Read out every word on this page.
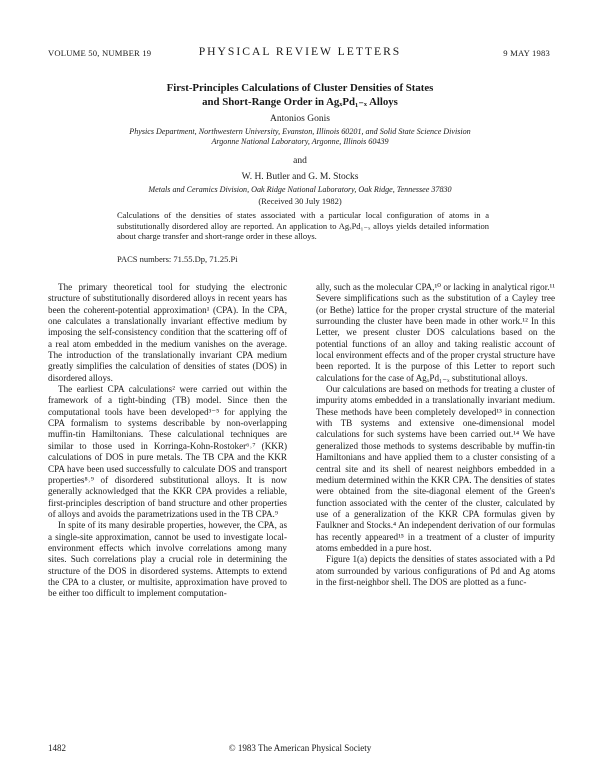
VOLUME 50, NUMBER 19	PHYSICAL REVIEW LETTERS	9 MAY 1983
First-Principles Calculations of Cluster Densities of States
and Short-Range Order in AgₓPd₁₋ₓ Alloys
Antonios Gonis
Physics Department, Northwestern University, Evanston, Illinois 60201, and Solid State Science Division
Argonne National Laboratory, Argonne, Illinois 60439
and
W. H. Butler and G. M. Stocks
Metals and Ceramics Division, Oak Ridge National Laboratory, Oak Ridge, Tennessee 37830
(Received 30 July 1982)
Calculations of the densities of states associated with a particular local configuration of atoms in a substitutionally disordered alloy are reported. An application to AgₓPd₁₋ₓ alloys yields detailed information about charge transfer and short-range order in these alloys.
PACS numbers: 71.55.Dp, 71.25.Pi

The primary theoretical tool for studying the electronic structure of substitutionally disordered alloys in recent years has been the coherent-potential approximation¹ (CPA). In the CPA, one calculates a translationally invariant effective medium by imposing the self-consistency condition that the scattering off of a real atom embedded in the medium vanishes on the average. The introduction of the translationally invariant CPA medium greatly simplifies the calculation of densities of states (DOS) in disordered alloys.

The earliest CPA calculations² were carried out within the framework of a tight-binding (TB) model. Since then the computational tools have been developed³⁻⁵ for applying the CPA formalism to systems describable by non-overlapping muffin-tin Hamiltonians. These calculational techniques are similar to those used in Korringa-Kohn-Rostoker⁶˒⁷ (KKR) calculations of DOS in pure metals. The TB CPA and the KKR CPA have been used successfully to calculate DOS and transport properties⁸˒⁹ of disordered substitutional alloys. It is now generally acknowledged that the KKR CPA provides a reliable, first-principles description of band structure and other properties of alloys and avoids the parametrizations used in the TB CPA.⁹

In spite of its many desirable properties, however, the CPA, as a single-site approximation, cannot be used to investigate local-environment effects which involve correlations among many sites. Such correlations play a crucial role in determining the structure of the DOS in disordered systems. Attempts to extend the CPA to a cluster, or multisite, approximation have proved to be either too difficult to implement computation-

ally, such as the molecular CPA,¹⁰ or lacking in analytical rigor.¹¹ Severe simplifications such as the substitution of a Cayley tree (or Bethe) lattice for the proper crystal structure of the material surrounding the cluster have been made in other work.¹² In this Letter, we present cluster DOS calculations based on the potential functions of an alloy and taking realistic account of local environment effects and of the proper crystal structure have been reported. It is the purpose of this Letter to report such calculations for the case of AgₓPd₁₋ₓ substitutional alloys.

Our calculations are based on methods for treating a cluster of impurity atoms embedded in a translationally invariant medium. These methods have been completely developed¹³ in connection with TB systems and extensive one-dimensional model calculations for such systems have been carried out.¹⁴ We have generalized those methods to systems describable by muffin-tin Hamiltonians and have applied them to a cluster consisting of a central site and its shell of nearest neighbors embedded in a medium determined within the KKR CPA. The densities of states were obtained from the site-diagonal element of the Green's function associated with the center of the cluster, calculated by use of a generalization of the KKR CPA formulas given by Faulkner and Stocks.⁴ An independent derivation of our formulas has recently appeared¹⁵ in a treatment of a cluster of impurity atoms embedded in a pure host.

Figure 1(a) depicts the densities of states associated with a Pd atom surrounded by various configurations of Pd and Ag atoms in the first-neighbor shell. The DOS are plotted as a func-

1482	© 1983 The American Physical Society
